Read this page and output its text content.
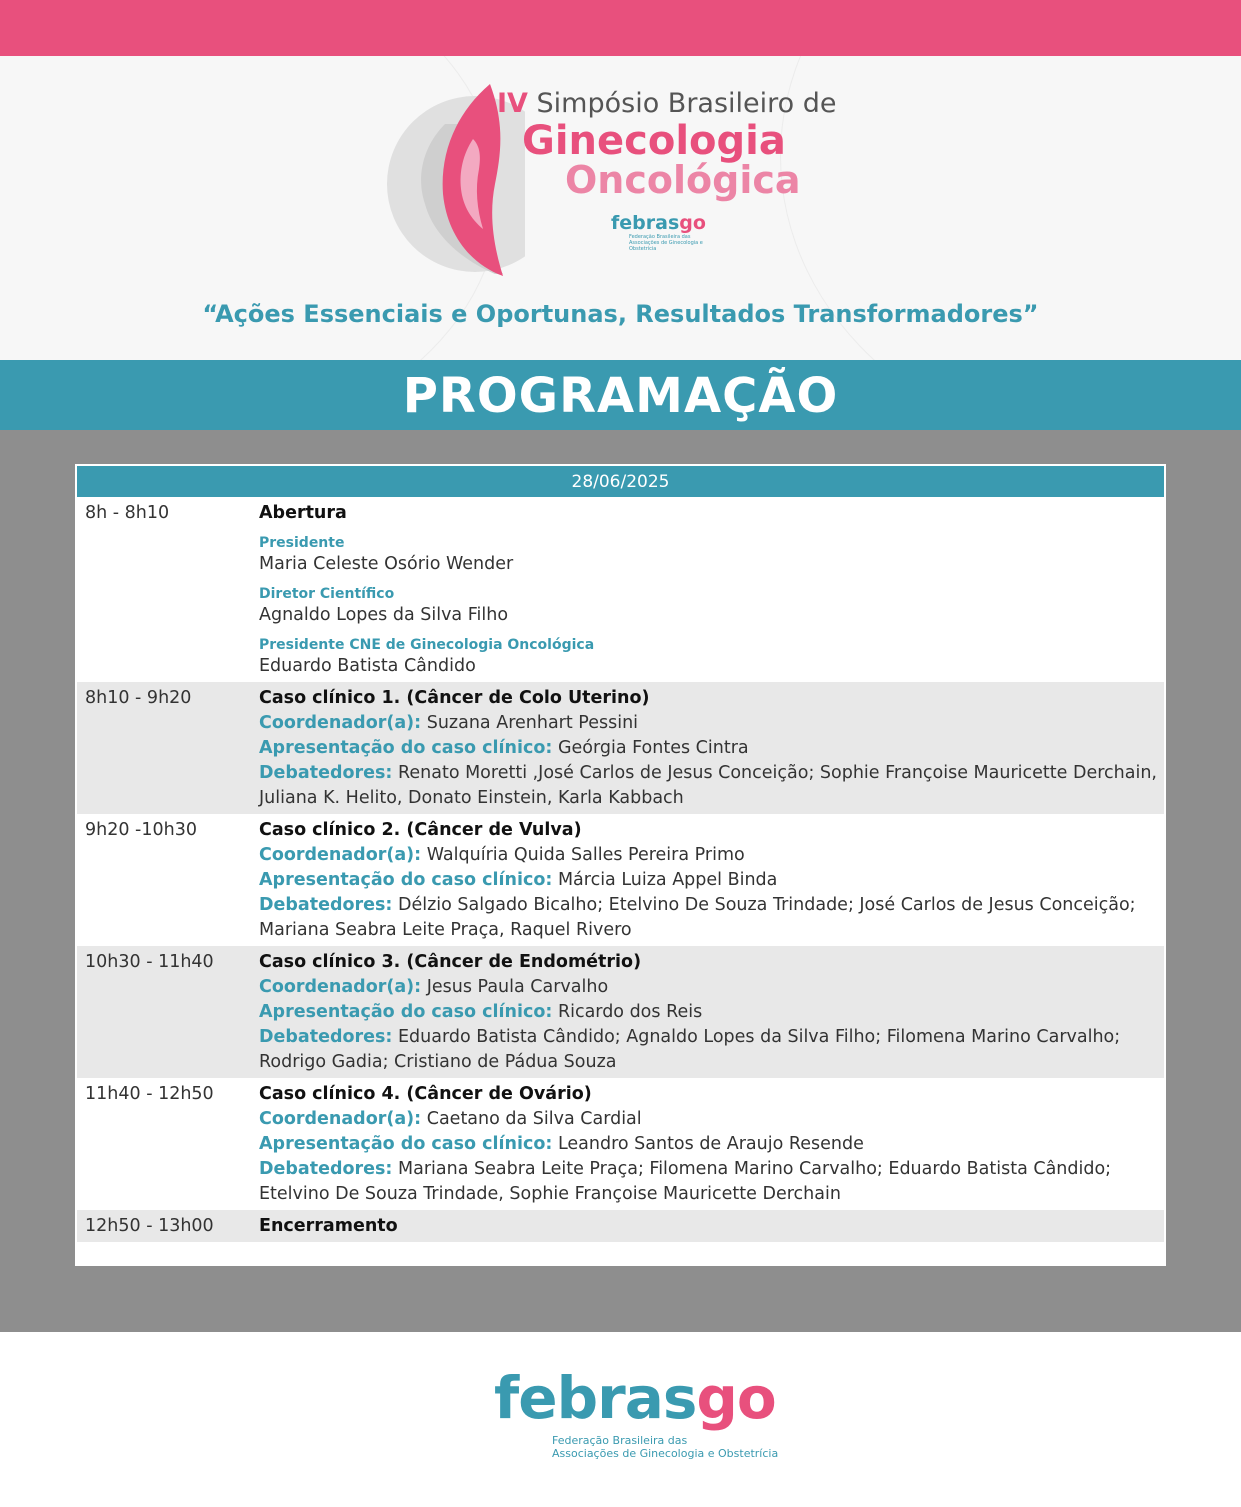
IV Simpósio Brasileiro de
Ginecologia
Oncológica
febrasgo
Federação Brasileira das Associações de Ginecologia e Obstetrícia
“Ações Essenciais e Oportunas, Resultados Transformadores”
PROGRAMAÇÃO
28/06/2025
8h - 8h10	Abertura
Presidente
Maria Celeste Osório Wender
Diretor Científico
Agnaldo Lopes da Silva Filho
Presidente CNE de Ginecologia Oncológica
Eduardo Batista Cândido
8h10 - 9h20	Caso clínico 1. (Câncer de Colo Uterino)
Coordenador(a): Suzana Arenhart Pessini
Apresentação do caso clínico: Geórgia Fontes Cintra
Debatedores: Renato Moretti ,José Carlos de Jesus Conceição; Sophie Françoise Mauricette Derchain, Juliana K. Helito, Donato Einstein, Karla Kabbach
9h20 -10h30	Caso clínico 2. (Câncer de Vulva)
Coordenador(a): Walquíria Quida Salles Pereira Primo
Apresentação do caso clínico: Márcia Luiza Appel Binda
Debatedores: Délzio Salgado Bicalho; Etelvino De Souza Trindade; José Carlos de Jesus Conceição; Mariana Seabra Leite Praça, Raquel Rivero
10h30 - 11h40	Caso clínico 3. (Câncer de Endométrio)
Coordenador(a): Jesus Paula Carvalho
Apresentação do caso clínico: Ricardo dos Reis
Debatedores: Eduardo Batista Cândido; Agnaldo Lopes da Silva Filho; Filomena Marino Carvalho; Rodrigo Gadia; Cristiano de Pádua Souza
11h40 - 12h50	Caso clínico 4. (Câncer de Ovário)
Coordenador(a): Caetano da Silva Cardial
Apresentação do caso clínico: Leandro Santos de Araujo Resende
Debatedores: Mariana Seabra Leite Praça; Filomena Marino Carvalho; Eduardo Batista Cândido; Etelvino De Souza Trindade, Sophie Françoise Mauricette Derchain
12h50 - 13h00	Encerramento
febrasgo
Federação Brasileira das
Associações de Ginecologia e Obstetrícia
